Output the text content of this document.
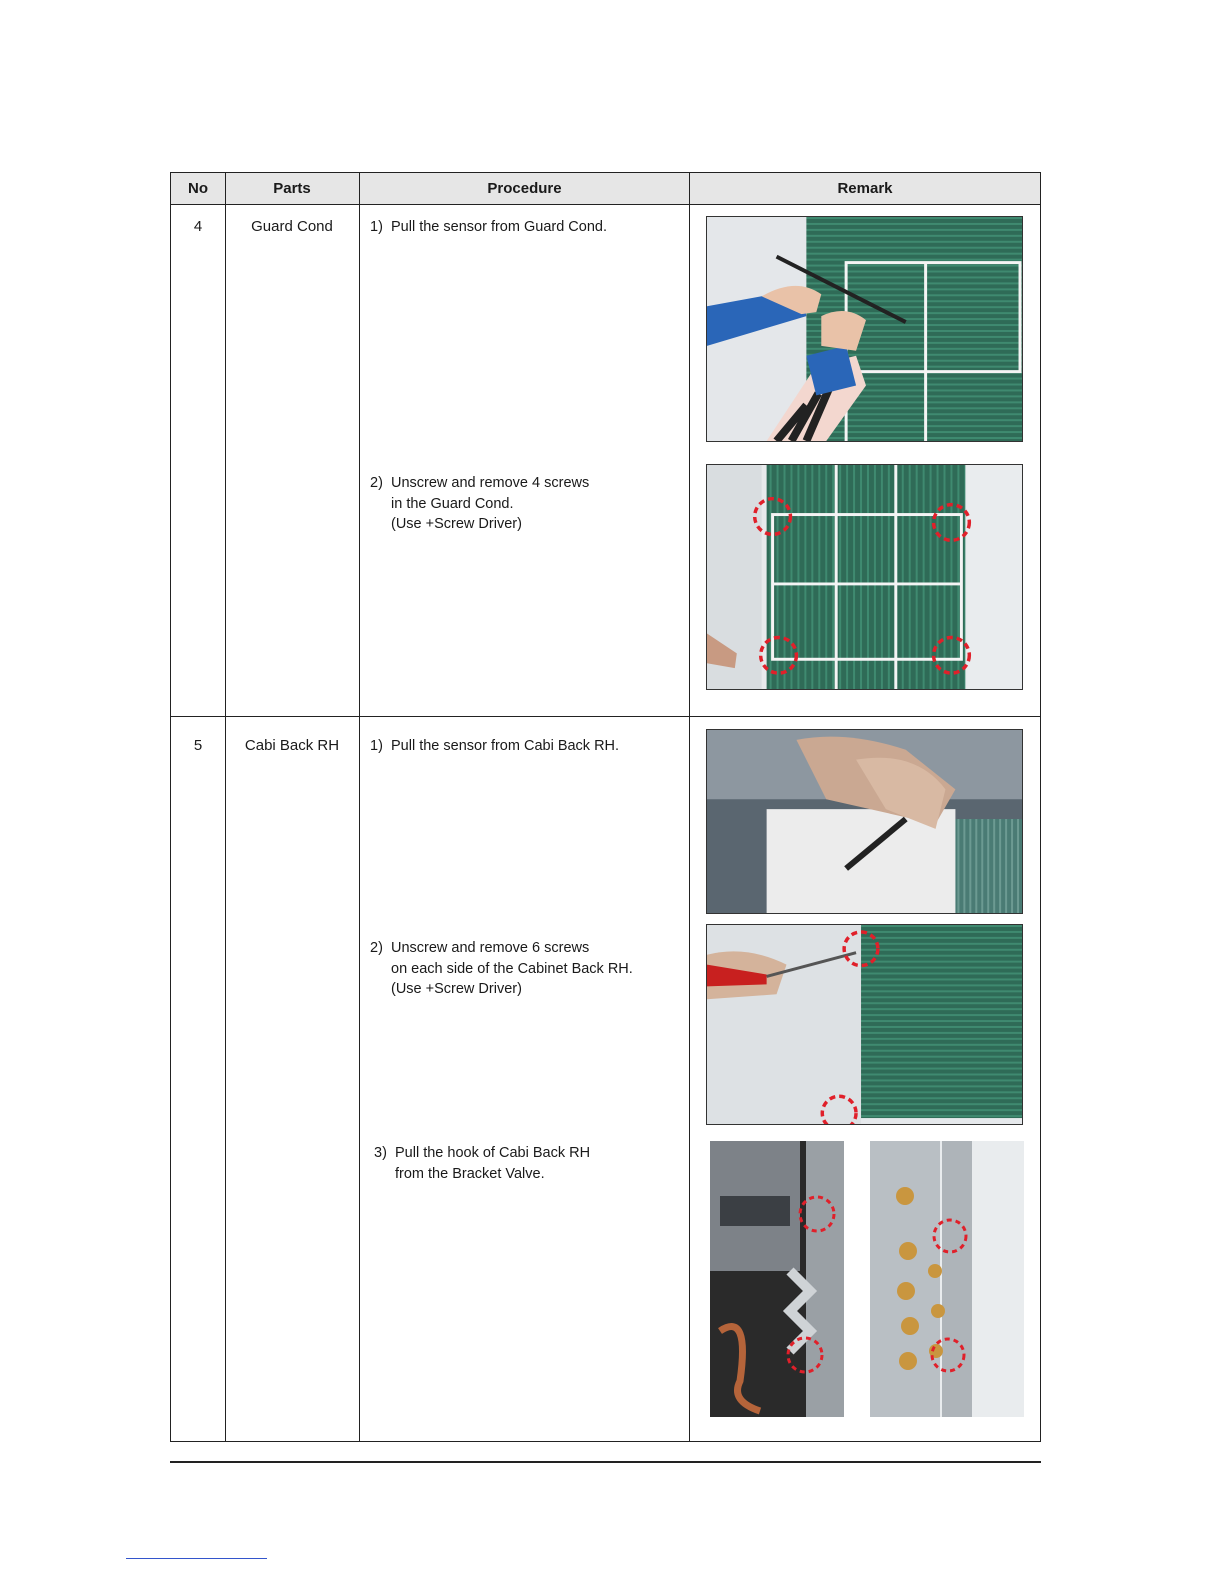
No	Parts	Procedure	Remark
4	Guard Cond	1) Pull the sensor from Guard Cond.
2) Unscrew and remove 4 screws
in the Guard Cond.
(Use +Screw Driver)
5	Cabi Back RH	1) Pull the sensor from Cabi Back RH.
2) Unscrew and remove 6 screws
on each side of the Cabinet Back RH.
(Use +Screw Driver)
3) Pull the hook of Cabi Back RH
from the Bracket Valve.
